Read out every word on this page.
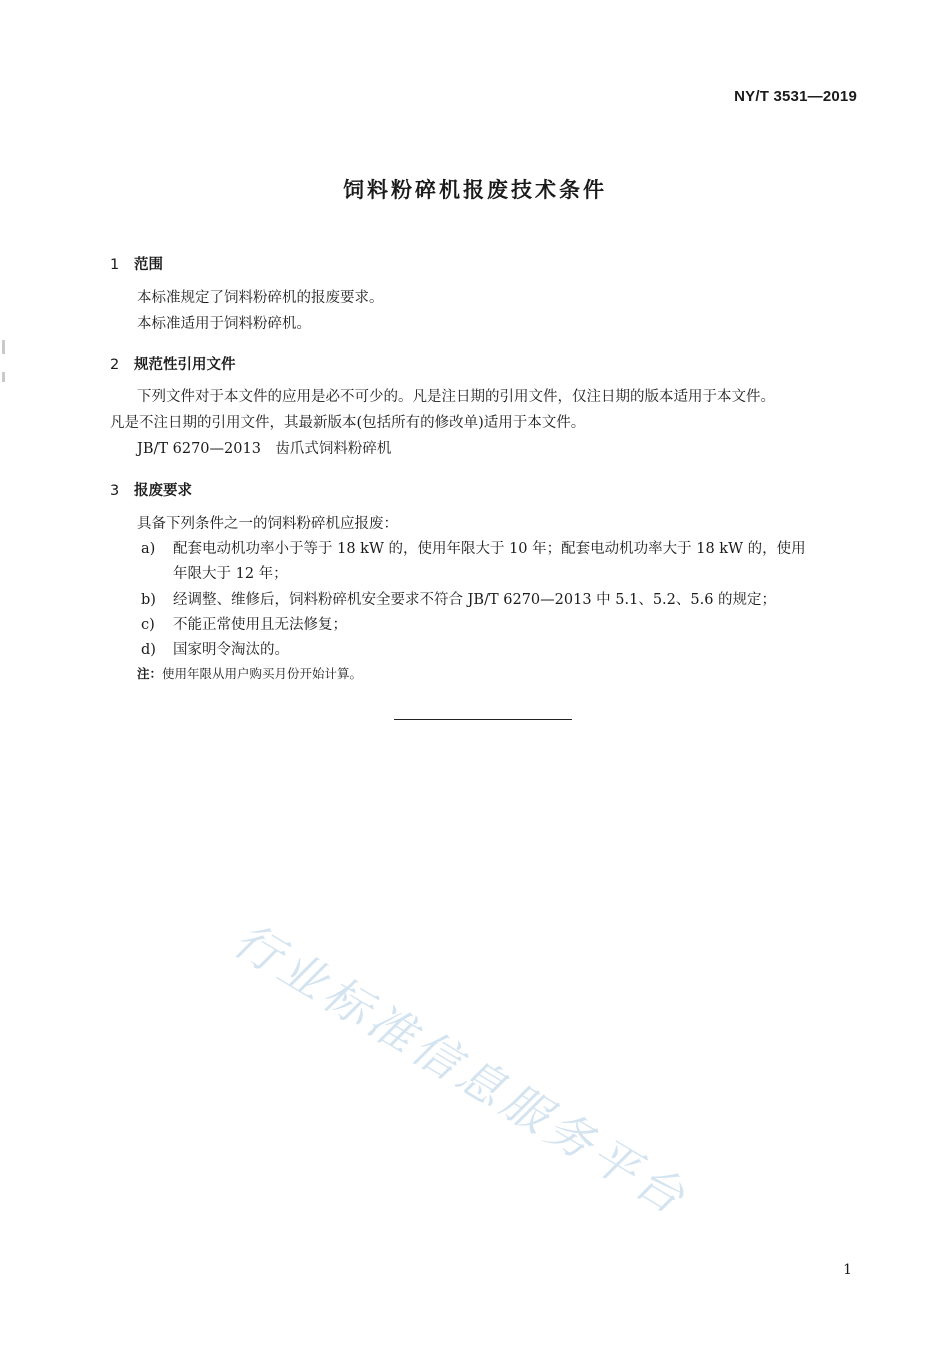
NY/T 3531—2019
饲料粉碎机报废技术条件
1 范围
本标准规定了饲料粉碎机的报废要求。
本标准适用于饲料粉碎机。
2 规范性引用文件
下列文件对于本文件的应用是必不可少的。凡是注日期的引用文件，仅注日期的版本适用于本文件。
凡是不注日期的引用文件，其最新版本(包括所有的修改单)适用于本文件。
JB/T 6270—2013　齿爪式饲料粉碎机
3 报废要求
具备下列条件之一的饲料粉碎机应报废：
a) 配套电动机功率小于等于 18 kW 的，使用年限大于 10 年；配套电动机功率大于 18 kW 的，使用
年限大于 12 年；
b) 经调整、维修后，饲料粉碎机安全要求不符合 JB/T 6270—2013 中 5.1、5.2、5.6 的规定；
c) 不能正常使用且无法修复；
d) 国家明令淘汰的。
注：使用年限从用户购买月份开始计算。
行业标准信息服务平台
1
